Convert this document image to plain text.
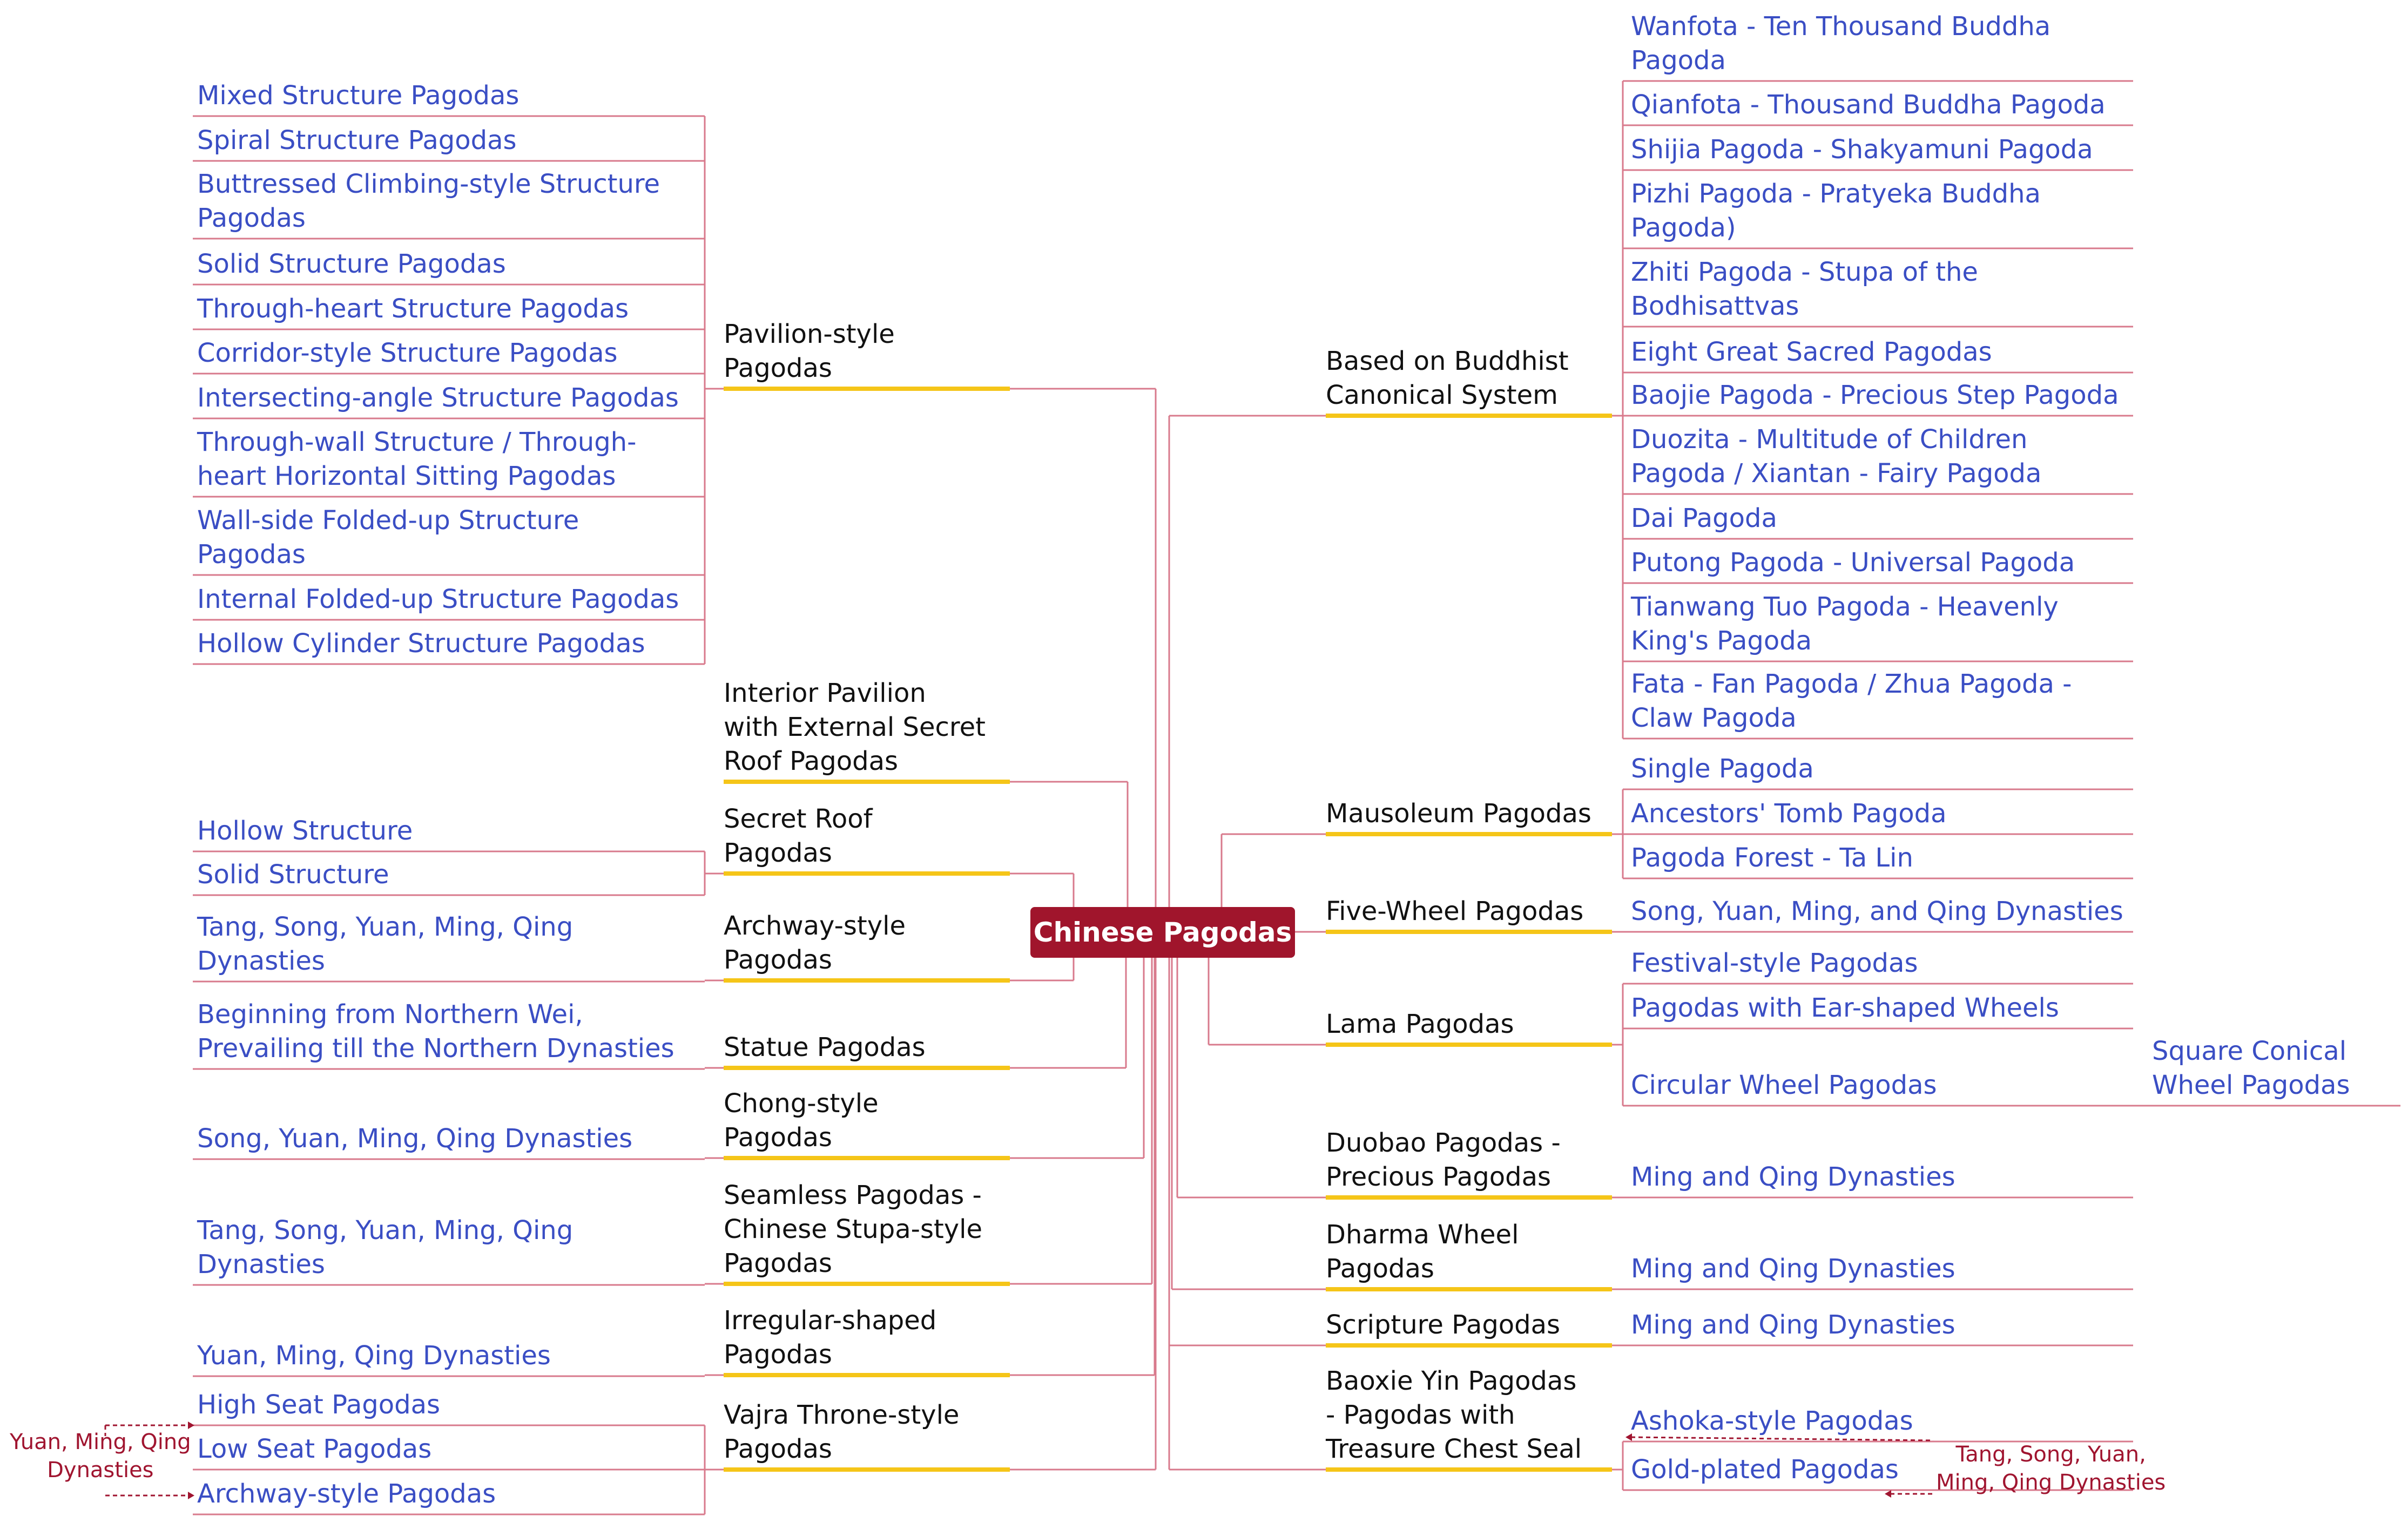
Chinese Pagodas
Pavilion-style
Pagodas
Mixed Structure Pagodas
Spiral Structure Pagodas
Buttressed Climbing-style Structure
Pagodas
Solid Structure Pagodas
Through-heart Structure Pagodas
Corridor-style Structure Pagodas
Intersecting-angle Structure Pagodas
Through-wall Structure / Through-
heart Horizontal Sitting Pagodas
Wall-side Folded-up Structure
Pagodas
Internal Folded-up Structure Pagodas
Hollow Cylinder Structure Pagodas
Interior Pavilion
with External Secret
Roof Pagodas
Secret Roof
Pagodas
Hollow Structure
Solid Structure
Archway-style
Pagodas
Tang, Song, Yuan, Ming, Qing
Dynasties
Statue Pagodas
Beginning from Northern Wei,
Prevailing till the Northern Dynasties
Chong-style
Pagodas
Song, Yuan, Ming, Qing Dynasties
Seamless Pagodas -
Chinese Stupa-style
Pagodas
Tang, Song, Yuan, Ming, Qing
Dynasties
Irregular-shaped
Pagodas
Yuan, Ming, Qing Dynasties
Vajra Throne-style
Pagodas
High Seat Pagodas
Low Seat Pagodas
Archway-style Pagodas
Based on Buddhist
Canonical System
Wanfota - Ten Thousand Buddha
Pagoda
Qianfota - Thousand Buddha Pagoda
Shijia Pagoda - Shakyamuni Pagoda
Pizhi Pagoda - Pratyeka Buddha
Pagoda)
Zhiti Pagoda - Stupa of the
Bodhisattvas
Eight Great Sacred Pagodas
Baojie Pagoda - Precious Step Pagoda
Duozita - Multitude of Children
Pagoda / Xiantan - Fairy Pagoda
Dai Pagoda
Putong Pagoda - Universal Pagoda
Tianwang Tuo Pagoda - Heavenly
King's Pagoda
Fata - Fan Pagoda / Zhua Pagoda -
Claw Pagoda
Mausoleum Pagodas
Single Pagoda
Ancestors' Tomb Pagoda
Pagoda Forest - Ta Lin
Five-Wheel Pagodas Song, Yuan, Ming, and Qing Dynasties
Lama Pagodas
Festival-style Pagodas
Pagodas with Ear-shaped Wheels
Circular Wheel Pagodas
Duobao Pagodas -
Precious Pagodas	Ming and Qing Dynasties
Dharma Wheel
Pagodas	Ming and Qing Dynasties
Scripture Pagodas	Ming and Qing Dynasties
Baoxie Yin Pagodas
- Pagodas with
Treasure Chest Seal
Ashoka-style Pagodas
Gold-plated Pagodas
Square Conical
Wheel Pagodas
Yuan, Ming, Qing
Dynasties
Tang, Song, Yuan,
Ming, Qing Dynasties
